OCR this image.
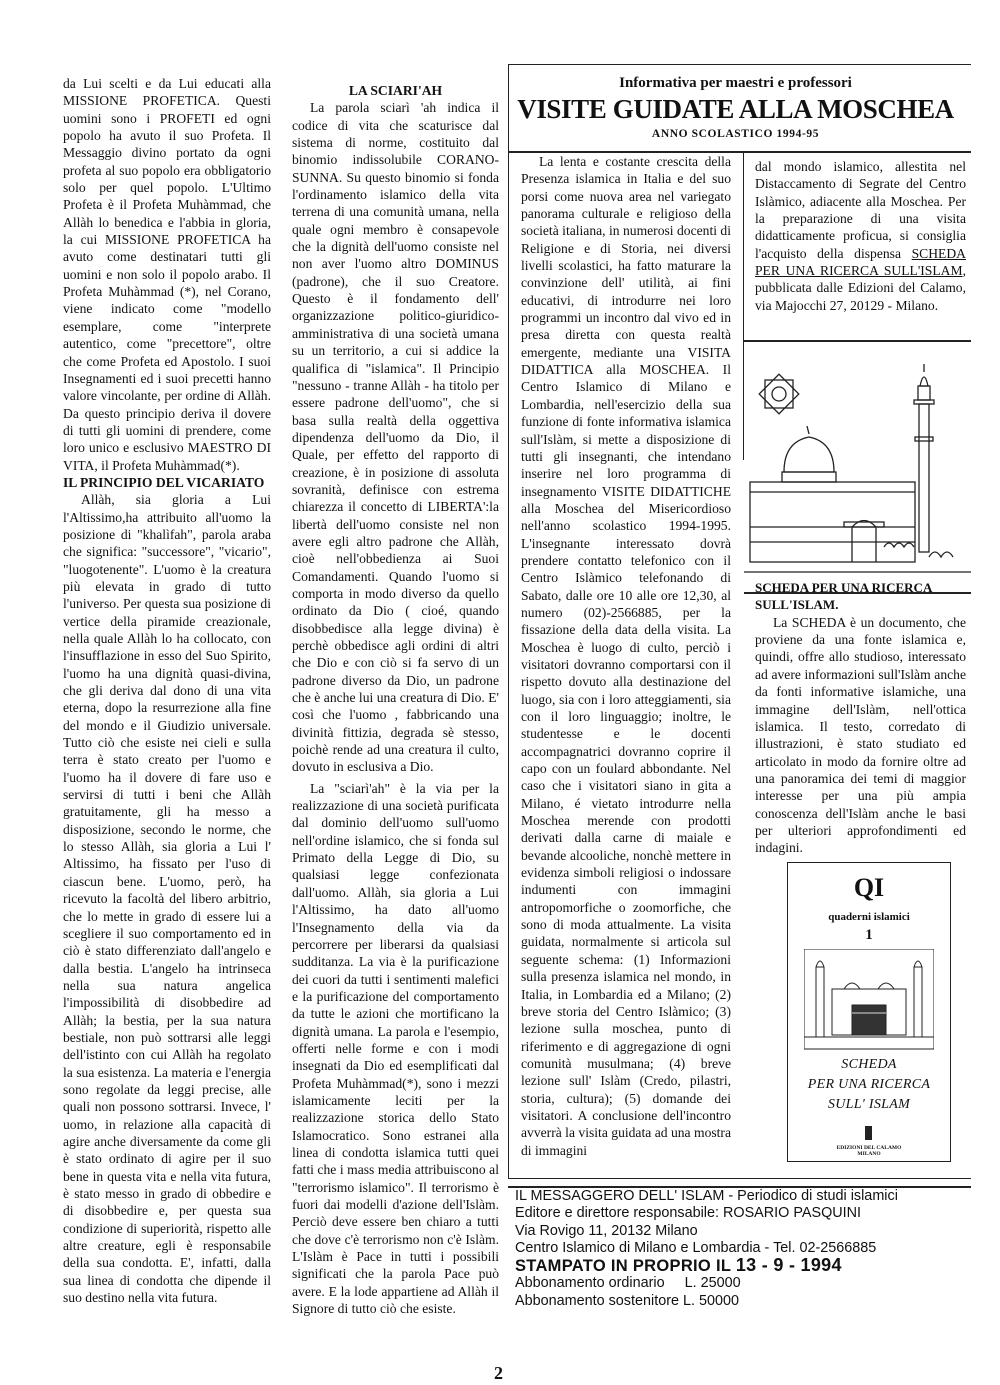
da Lui scelti e da Lui educati alla MISSIONE PROFETICA. Questi uomini sono i PROFETI ed ogni popolo ha avuto il suo Profeta. Il Messaggio divino portato da ogni profeta al suo popolo era obbligatorio solo per quel popolo. L'Ultimo Profeta è il Profeta Muhàmmad, che Allàh lo benedica e l'abbia in gloria, la cui MISSIONE PROFETICA ha avuto come destinatari tutti gli uomini e non solo il popolo arabo. Il Profeta Muhàmmad (*), nel Corano, viene indicato come "modello esemplare, come "interprete autentico, come "precettore", oltre che come Profeta ed Apostolo. I suoi Insegnamenti ed i suoi precetti hanno valore vincolante, per ordine di Allàh. Da questo principio deriva il dovere di tutti gli uomini di prendere, come loro unico e esclusivo MAESTRO DI VITA, il Profeta Muhàmmad(*).

IL PRINCIPIO DEL VICARIATO

Allàh, sia gloria a Lui l'Altissimo,ha attribuito all'uomo la posizione di "khalìfah", parola araba che significa: "successore", "vicario", "luogotenente". L'uomo è la creatura più elevata in grado di tutto l'universo. Per questa sua posizione di vertice della piramide creazionale, nella quale Allàh lo ha collocato, con l'insufflazione in esso del Suo Spirito, l'uomo ha una dignità quasi-divina, che gli deriva dal dono di una vita eterna, dopo la resurrezione alla fine del mondo e il Giudizio universale. Tutto ciò che esiste nei cieli e sulla terra è stato creato per l'uomo e l'uomo ha il dovere di fare uso e servirsi di tutti i beni che Allàh gratuitamente, gli ha messo a disposizione, secondo le norme, che lo stesso Allàh, sia gloria a Lui l' Altissimo, ha fissato per l'uso di ciascun bene. L'uomo, però, ha ricevuto la facoltà del libero arbitrio, che lo mette in grado di essere lui a scegliere il suo comportamento ed in ciò è stato differenziato dall'angelo e dalla bestia. L'angelo ha intrinseca nella sua natura angelica l'impossibilità di disobbedire ad Allàh; la bestia, per la sua natura bestiale, non può sottrarsi alle leggi dell'istinto con cui Allàh ha regolato la sua esistenza. La materia e l'energia sono regolate da leggi precise, alle quali non possono sottrarsi. Invece, l' uomo, in relazione alla capacità di agire anche diversamente da come gli è stato ordinato di agire per il suo bene in questa vita e nella vita futura, è stato messo in grado di obbedire e di disobbedire e, per questa sua condizione di superiorità, rispetto alle altre creature, egli è responsabile della sua condotta. E', infatti, dalla sua linea di condotta che dipende il suo destino nella vita futura.

LA SCIARI'AH

La parola sciarì 'ah indica il codice di vita che scaturisce dal sistema di norme, costituito dal binomio indissolubile CORANO-SUNNA. Su questo binomio si fonda l'ordinamento islamico della vita terrena di una comunità umana, nella quale ogni membro è consapevole che la dignità dell'uomo consiste nel non aver l'uomo altro DOMINUS (padrone), che il suo Creatore. Questo è il fondamento dell' organizzazione politico-giuridico-amministrativa di una società umana su un territorio, a cui si addice la qualifica di "islamica". Il Principio "nessuno - tranne Allàh - ha titolo per essere padrone dell'uomo", che si basa sulla realtà della oggettiva dipendenza dell'uomo da Dio, il Quale, per effetto del rapporto di creazione, è in posizione di assoluta sovranità, definisce con estrema chiarezza il concetto di LIBERTA':la libertà dell'uomo consiste nel non avere egli altro padrone che Allàh, cioè nell'obbedienza ai Suoi Comandamenti. Quando l'uomo si comporta in modo diverso da quello ordinato da Dio ( cioé, quando disobbedisce alla legge divina) è perchè obbedisce agli ordini di altri che Dio e con ciò si fa servo di un padrone diverso da Dio, un padrone che è anche lui una creatura di Dio. E' così che l'uomo , fabbricando una divinità fittizia, degrada sè stesso, poichè rende ad una creatura il culto, dovuto in esclusiva a Dio.

La "sciarì'ah" è la via per la realizzazione di una società purificata dal dominio dell'uomo sull'uomo nell'ordine islamico, che si fonda sul Primato della Legge di Dio, su qualsiasi legge confezionata dall'uomo. Allàh, sia gloria a Lui l'Altissimo, ha dato all'uomo l'Insegnamento della via da percorrere per liberarsi da qualsiasi sudditanza. La via è la purificazione dei cuori da tutti i sentimenti malefici e la purificazione del comportamento da tutte le azioni che mortificano la dignità umana. La parola e l'esempio, offerti nelle forme e con i modi insegnati da Dio ed esemplificati dal Profeta Muhàmmad(*), sono i mezzi islamicamente leciti per la realizzazione storica dello Stato Islamocratico. Sono estranei alla linea di condotta islamica tutti quei fatti che i mass media attribuiscono al "terrorismo islamico". Il terrorismo è fuori dai modelli d'azione dell'Islàm. Perciò deve essere ben chiaro a tutti che dove c'è terrorismo non c'è Islàm. L'Islàm è Pace in tutti i possibili significati che la parola Pace può avere. E la lode appartiene ad Allàh il Signore di tutto ciò che esiste.

Informativa per maestri e professori
VISITE GUIDATE ALLA MOSCHEA
ANNO SCOLASTICO 1994-95

La lenta e costante crescita della Presenza islamica in Italia e del suo porsi come nuova area nel variegato panorama culturale e religioso della società italiana, in numerosi docenti di Religione e di Storia, nei diversi livelli scolastici, ha fatto maturare la convinzione dell' utilità, ai fini educativi, di introdurre nei loro programmi un incontro dal vivo ed in presa diretta con questa realtà emergente, mediante una VISITA DIDATTICA alla MOSCHEA. Il Centro Islamico di Milano e Lombardia, nell'esercizio della sua funzione di fonte informativa islamica sull'Islàm, si mette a disposizione di tutti gli insegnanti, che intendano inserire nel loro programma di insegnamento VISITE DIDATTICHE alla Moschea del Misericordioso nell'anno scolastico 1994-1995. L'insegnante interessato dovrà prendere contatto telefonico con il Centro Islàmico telefonando di Sabato, dalle ore 10 alle ore 12,30, al numero (02)-2566885, per la fissazione della data della visita. La Moschea è luogo di culto, perciò i visitatori dovranno comportarsi con il rispetto dovuto alla destinazione del luogo, sia con i loro atteggiamenti, sia con il loro linguaggio; inoltre, le studentesse e le docenti accompagnatrici dovranno coprire il capo con un foulard abbondante. Nel caso che i visitatori siano in gita a Milano, é vietato introdurre nella Moschea merende con prodotti derivati dalla carne di maiale e bevande alcooliche, nonchè mettere in evidenza simboli religiosi o indossare indumenti con immagini antropomorfiche o zoomorfiche, che sono di moda attualmente. La visita guidata, normalmente si articola sul seguente schema: (1) Informazioni sulla presenza islamica nel mondo, in Italia, in Lombardia ed a Milano; (2) breve storia del Centro Islàmico; (3) lezione sulla moschea, punto di riferimento e di aggregazione di ogni comunità musulmana; (4) breve lezione sull' Islàm (Credo, pilastri, storia, cultura); (5) domande dei visitatori. A conclusione dell'incontro avverrà la visita guidata ad una mostra di immagini

dal mondo islamico, allestita nel Distaccamento di Segrate del Centro Islàmico, adiacente alla Moschea. Per la preparazione di una visita didatticamente proficua, si consiglia l'acquisto della dispensa SCHEDA PER UNA RICERCA SULL'ISLAM, pubblicata dalle Edizioni del Calamo, via Majocchi 27, 20129 - Milano.

SCHEDA PER UNA RICERCA SULL'ISLAM.

La SCHEDA è un documento, che proviene da una fonte islamica e, quindi, offre allo studioso, interessato ad avere informazioni sull'Islàm anche da fonti informative islamiche, una immagine dell'Islàm, nell'ottica islamica. Il testo, corredato di illustrazioni, è stato studiato ed articolato in modo da fornire oltre ad una panoramica dei temi di maggior interesse per una più ampia conoscenza dell'Islàm anche le basi per ulteriori approfondimenti ed indagini.

QI
quaderni islamici
1
SCHEDA
PER UNA RICERCA
SULL' ISLAM
EDIZIONI DEL CALAMO
MILANO
IL MESSAGGERO DELL' ISLAM - Periodico di studi islamici
Editore e direttore responsabile: ROSARIO PASQUINI
Via Rovigo 11, 20132 Milano
Centro Islamico di Milano e Lombardia - Tel. 02-2566885
STAMPATO IN PROPRIO IL 13 - 9 - 1994
Abbonamento ordinario     L. 25000
Abbonamento sostenitore L. 50000
2
